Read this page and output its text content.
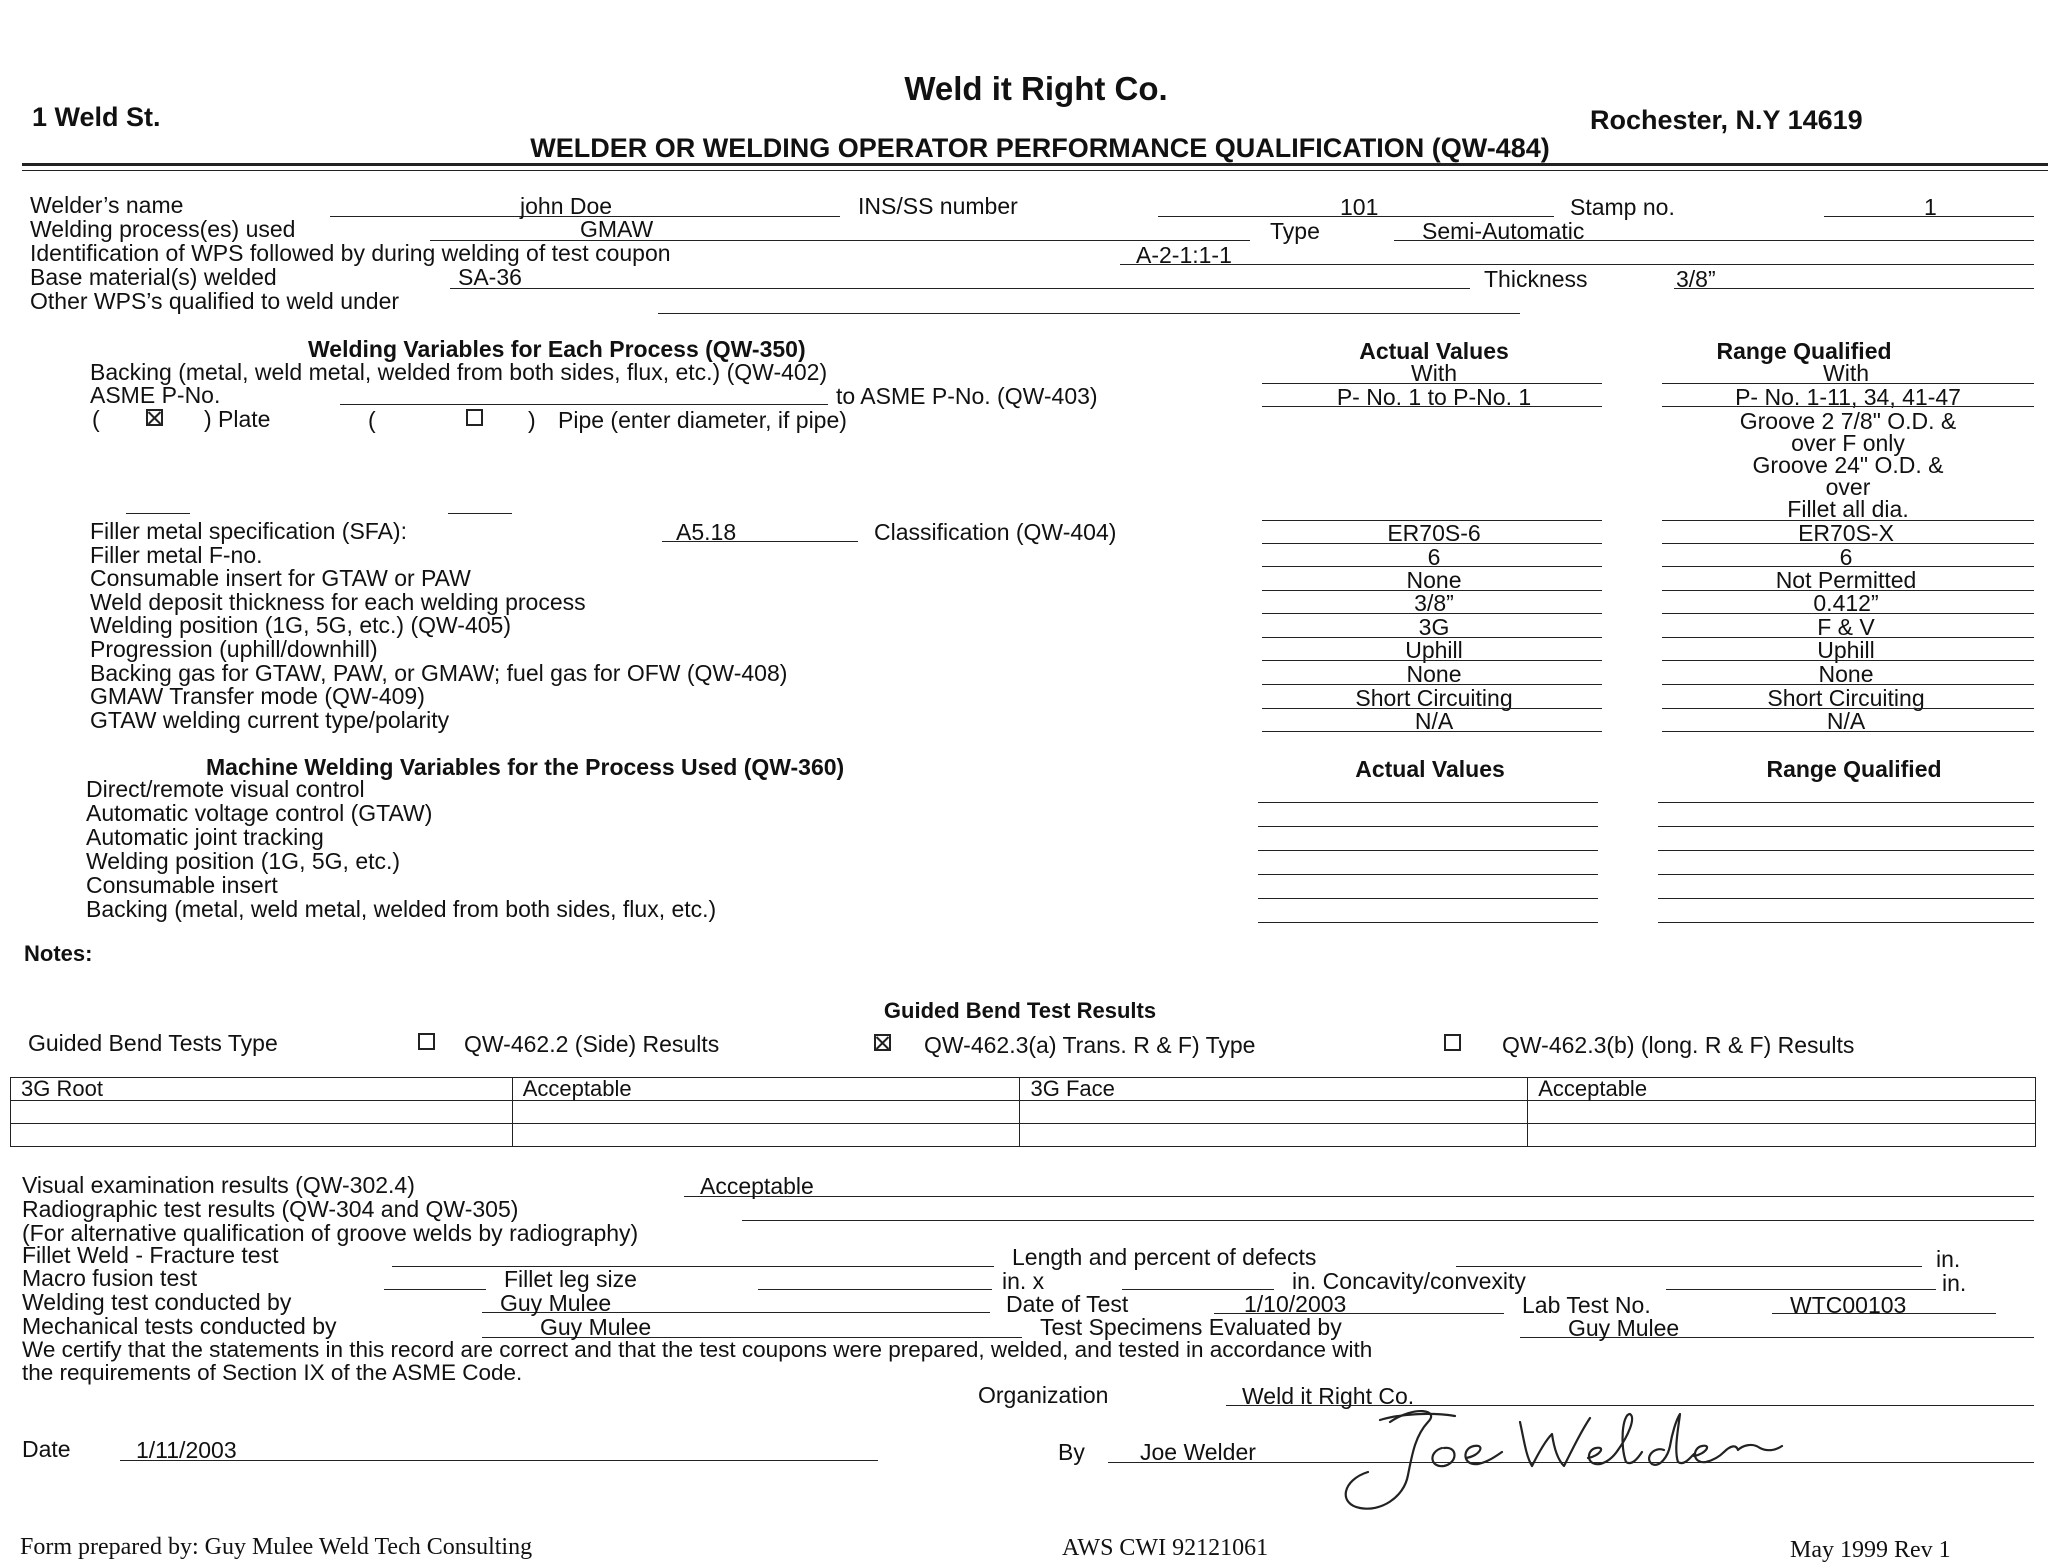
Weld it Right Co.
1 Weld St.	Rochester, N.Y 14619
WELDER OR WELDING OPERATOR PERFORMANCE QUALIFICATION (QW-484)
Welder’s name	john Doe	INS/SS number	101	Stamp no.	1
Welding process(es) used	GMAW	Type	Semi-Automatic
Identification of WPS followed by during welding of test coupon	A-2-1:1-1
Base material(s) welded	SA-36	Thickness	3/8”
Other WPS’s qualified to weld under
Welding Variables for Each Process (QW-350)	Actual Values	Range Qualified
Backing (metal, weld metal, welded from both sides, flux, etc.) (QW-402)	With	With
ASME P-No.	to ASME P-No. (QW-403)	P- No. 1 to P-No. 1	P- No. 1-11, 34, 41-47
(	) Plate	(	) Pipe (enter diameter, if pipe)	Groove 2 7/8" O.D. &
over F only
Groove 24" O.D. &
over
Fillet all dia.
Filler metal specification (SFA):	A5.18	Classification (QW-404)	ER70S-6	ER70S-X
Filler metal F-no.	6	6
Consumable insert for GTAW or PAW	None	Not Permitted
Weld deposit thickness for each welding process	3/8”	0.412”
Welding position (1G, 5G, etc.) (QW-405)	3G	F & V
Progression (uphill/downhill)	Uphill	Uphill
Backing gas for GTAW, PAW, or GMAW; fuel gas for OFW (QW-408)	None	None
GMAW Transfer mode (QW-409)	Short Circuiting	Short Circuiting
GTAW welding current type/polarity	N/A	N/A
Machine Welding Variables for the Process Used (QW-360)	Actual Values	Range Qualified
Direct/remote visual control
Automatic voltage control (GTAW)
Automatic joint tracking
Welding position (1G, 5G, etc.)
Consumable insert
Backing (metal, weld metal, welded from both sides, flux, etc.)
Notes:
Guided Bend Test Results
Guided Bend Tests Type	QW-462.2 (Side) Results	QW-462.3(a) Trans. R & F) Type	QW-462.3(b) (long. R & F) Results
3G Root	Acceptable	3G Face	Acceptable

Visual examination results (QW-302.4)	Acceptable
Radiographic test results (QW-304 and QW-305)
(For alternative qualification of groove welds by radiography)
Fillet Weld - Fracture test	Length and percent of defects	in.
Macro fusion test	Fillet leg size	in. x	in. Concavity/convexity	in.
Welding test conducted by	Guy Mulee	Date of Test	1/10/2003	Lab Test No.	WTC00103
Mechanical tests conducted by	Guy Mulee	Test Specimens Evaluated by	Guy Mulee
We certify that the statements in this record are correct and that the test coupons were prepared, welded, and tested in accordance with
the requirements of Section IX of the ASME Code.
Organization	Weld it Right Co.
Date	1/11/2003	By Joe Welder
Form prepared by: Guy Mulee Weld Tech Consulting	AWS CWI 92121061	May 1999 Rev 1
